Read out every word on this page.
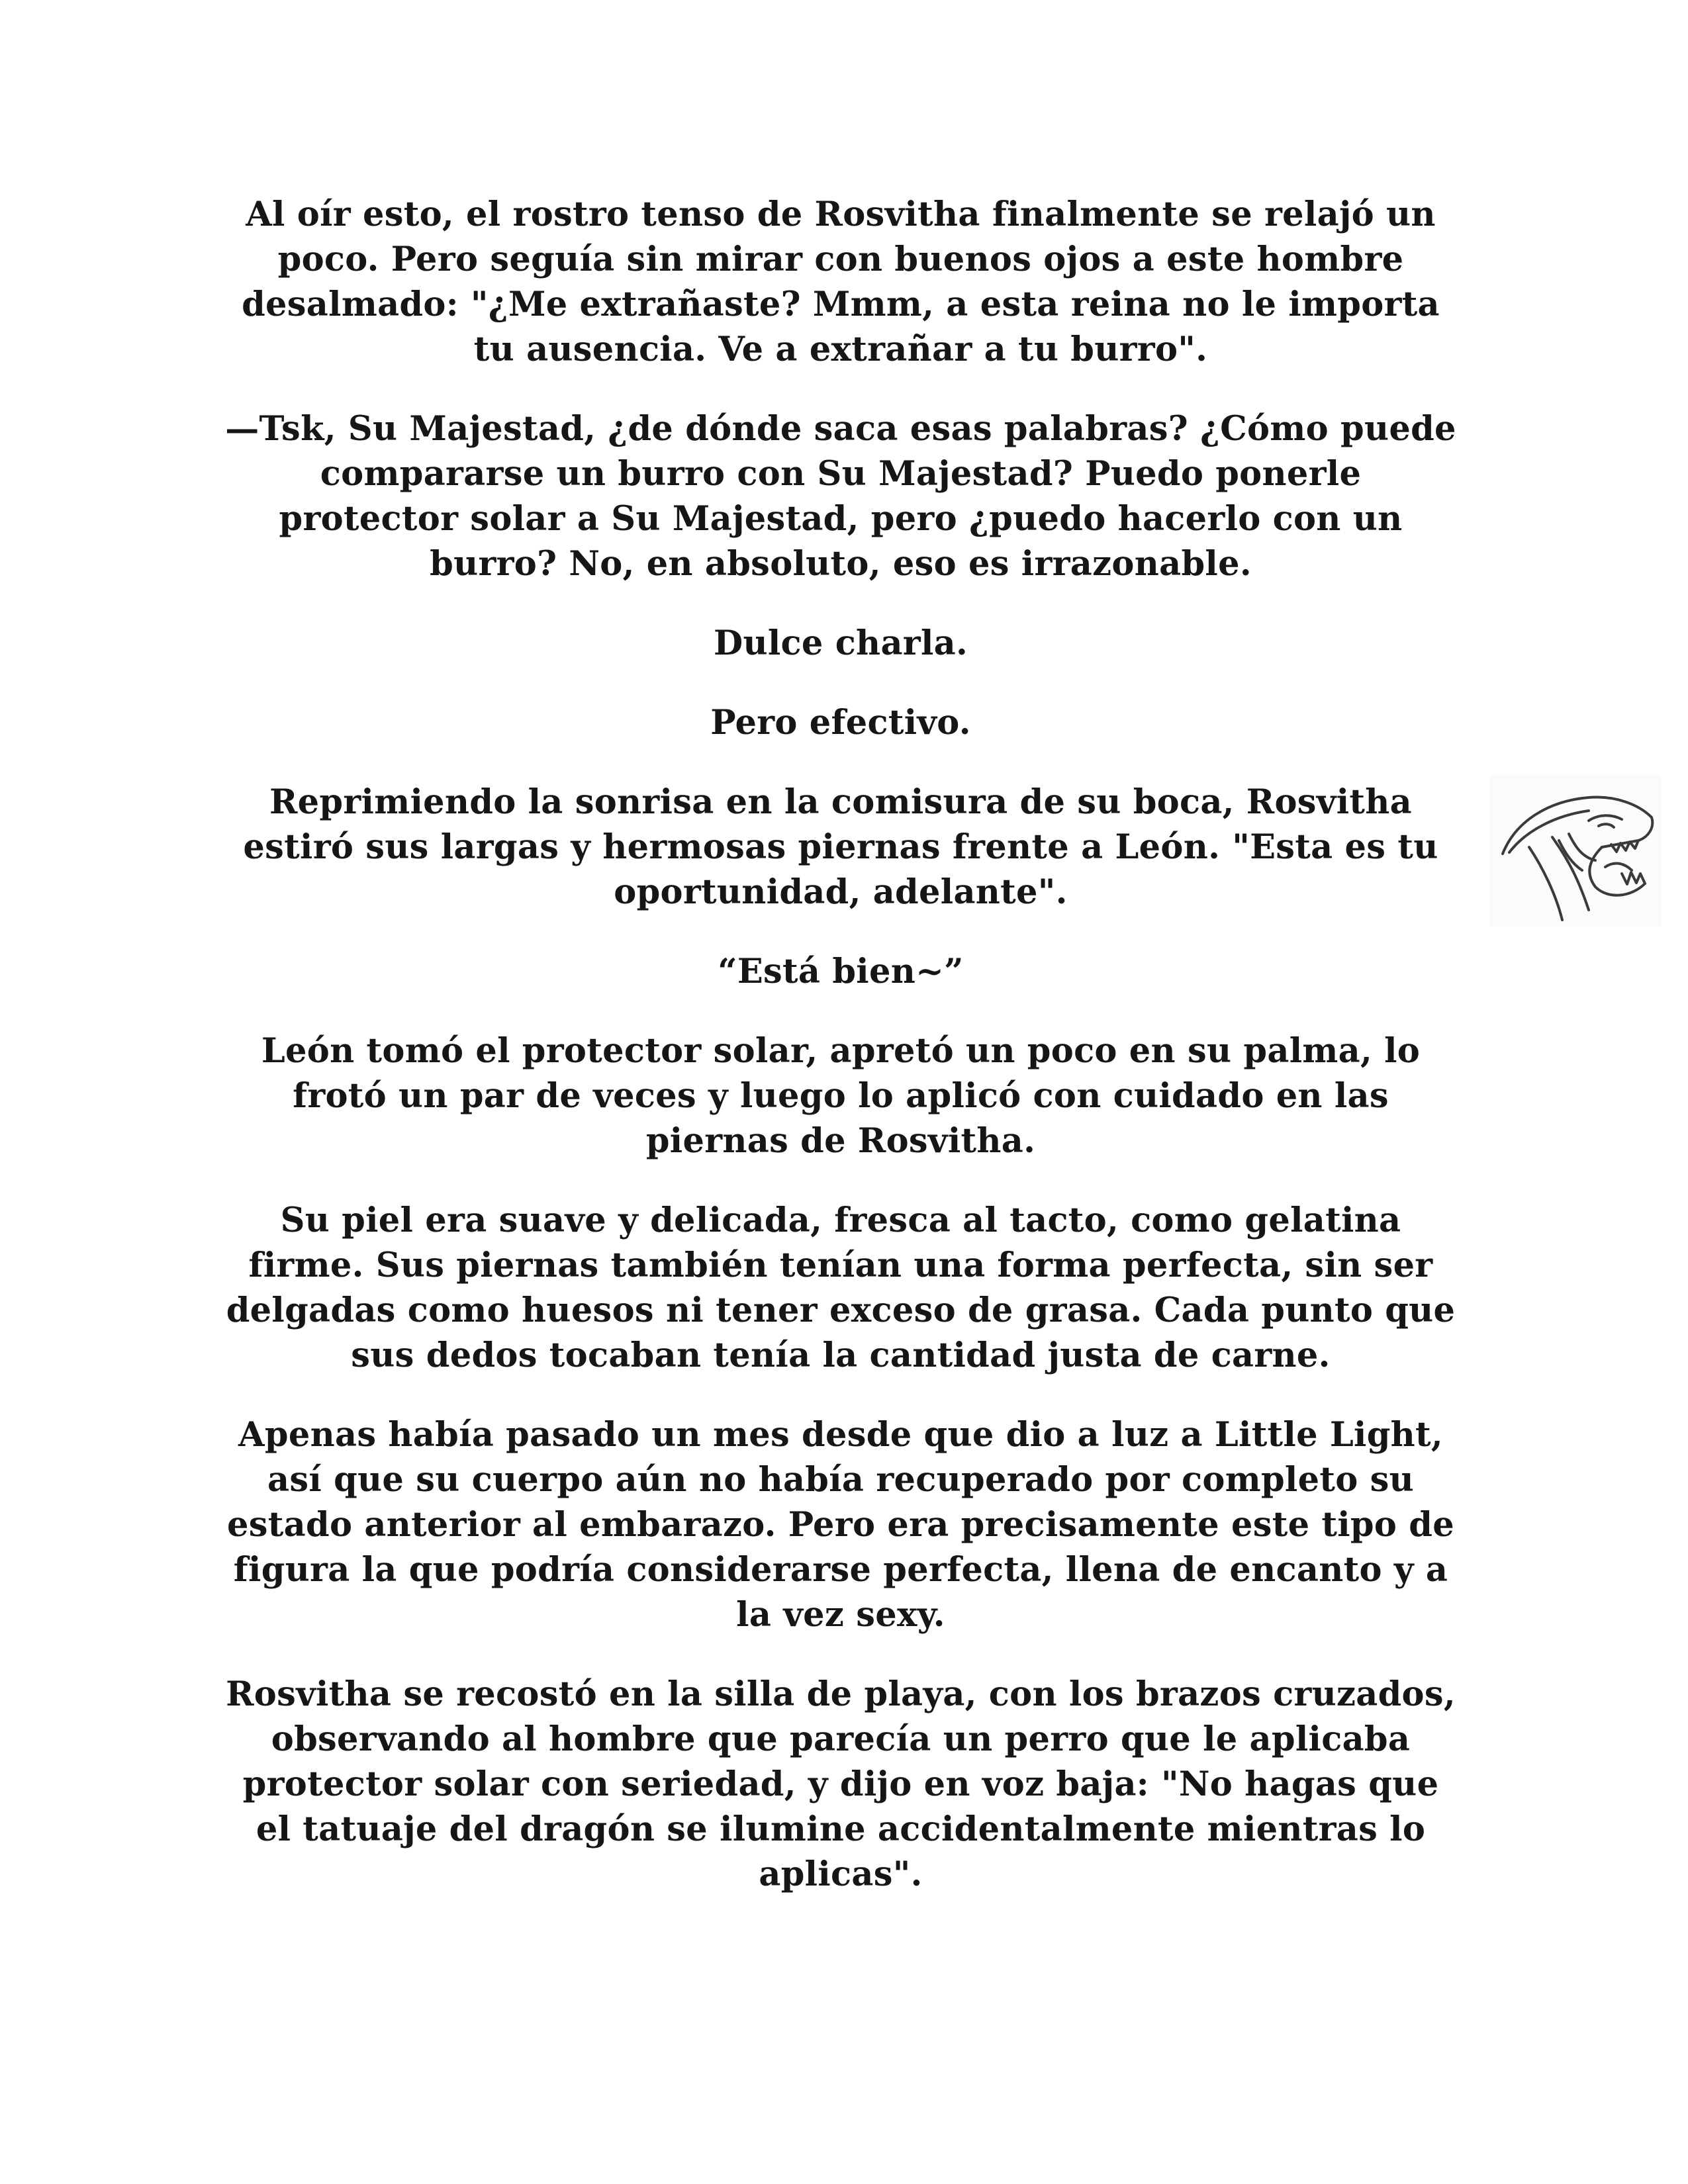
Al oír esto, el rostro tenso de Rosvitha finalmente se relajó un poco. Pero seguía sin mirar con buenos ojos a este hombre desalmado: "¿Me extrañaste? Mmm, a esta reina no le importa tu ausencia. Ve a extrañar a tu burro".

—Tsk, Su Majestad, ¿de dónde saca esas palabras? ¿Cómo puede compararse un burro con Su Majestad? Puedo ponerle protector solar a Su Majestad, pero ¿puedo hacerlo con un burro? No, en absoluto, eso es irrazonable.

Dulce charla.

Pero efectivo.

Reprimiendo la sonrisa en la comisura de su boca, Rosvitha estiró sus largas y hermosas piernas frente a León. "Esta es tu oportunidad, adelante".

“Está bien~”

León tomó el protector solar, apretó un poco en su palma, lo frotó un par de veces y luego lo aplicó con cuidado en las piernas de Rosvitha.

Su piel era suave y delicada, fresca al tacto, como gelatina firme. Sus piernas también tenían una forma perfecta, sin ser delgadas como huesos ni tener exceso de grasa. Cada punto que sus dedos tocaban tenía la cantidad justa de carne.

Apenas había pasado un mes desde que dio a luz a Little Light, así que su cuerpo aún no había recuperado por completo su estado anterior al embarazo. Pero era precisamente este tipo de figura la que podría considerarse perfecta, llena de encanto y a la vez sexy.

Rosvitha se recostó en la silla de playa, con los brazos cruzados, observando al hombre que parecía un perro que le aplicaba protector solar con seriedad, y dijo en voz baja: "No hagas que el tatuaje del dragón se ilumine accidentalmente mientras lo aplicas".
